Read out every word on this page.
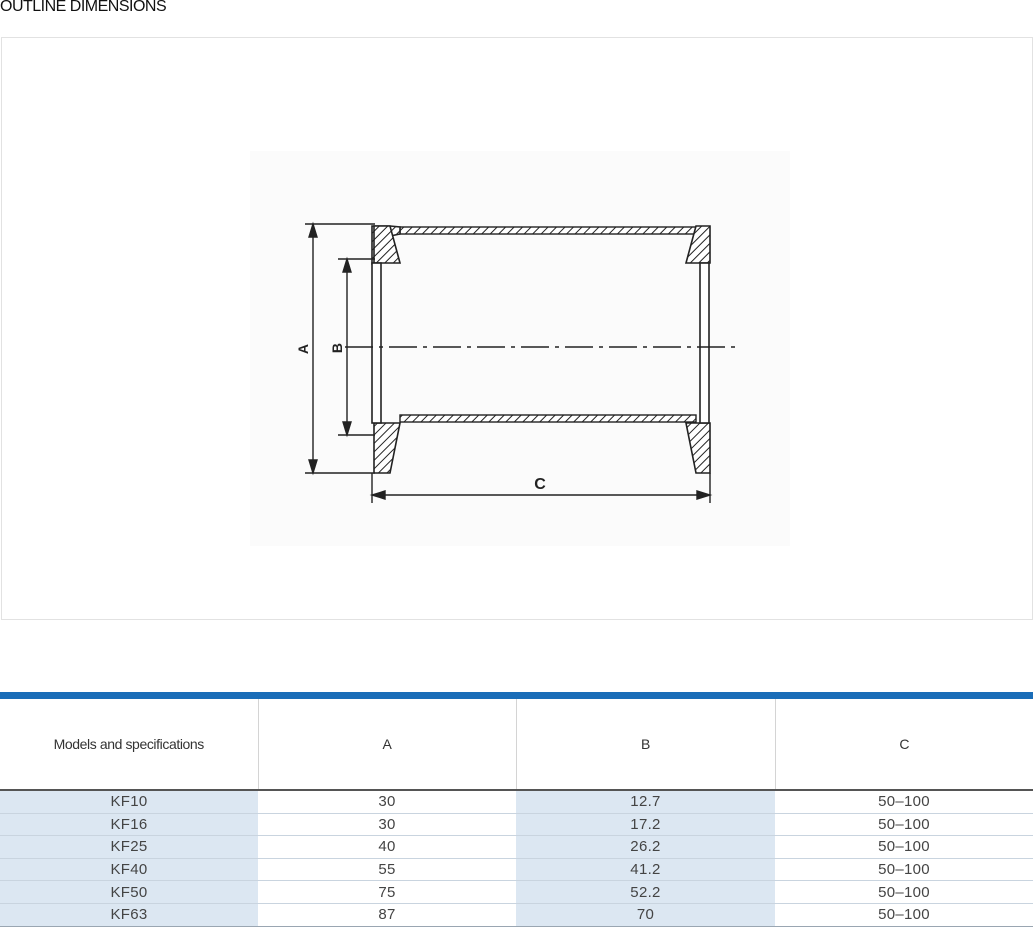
OUTLINE DIMENSIONS
A B
C
Models and specifications	A	B	C
KF10	30	12.7	50–100
KF16	30	17.2	50–100
KF25	40	26.2	50–100
KF40	55	41.2	50–100
KF50	75	52.2	50–100
KF63	87	70	50–100
